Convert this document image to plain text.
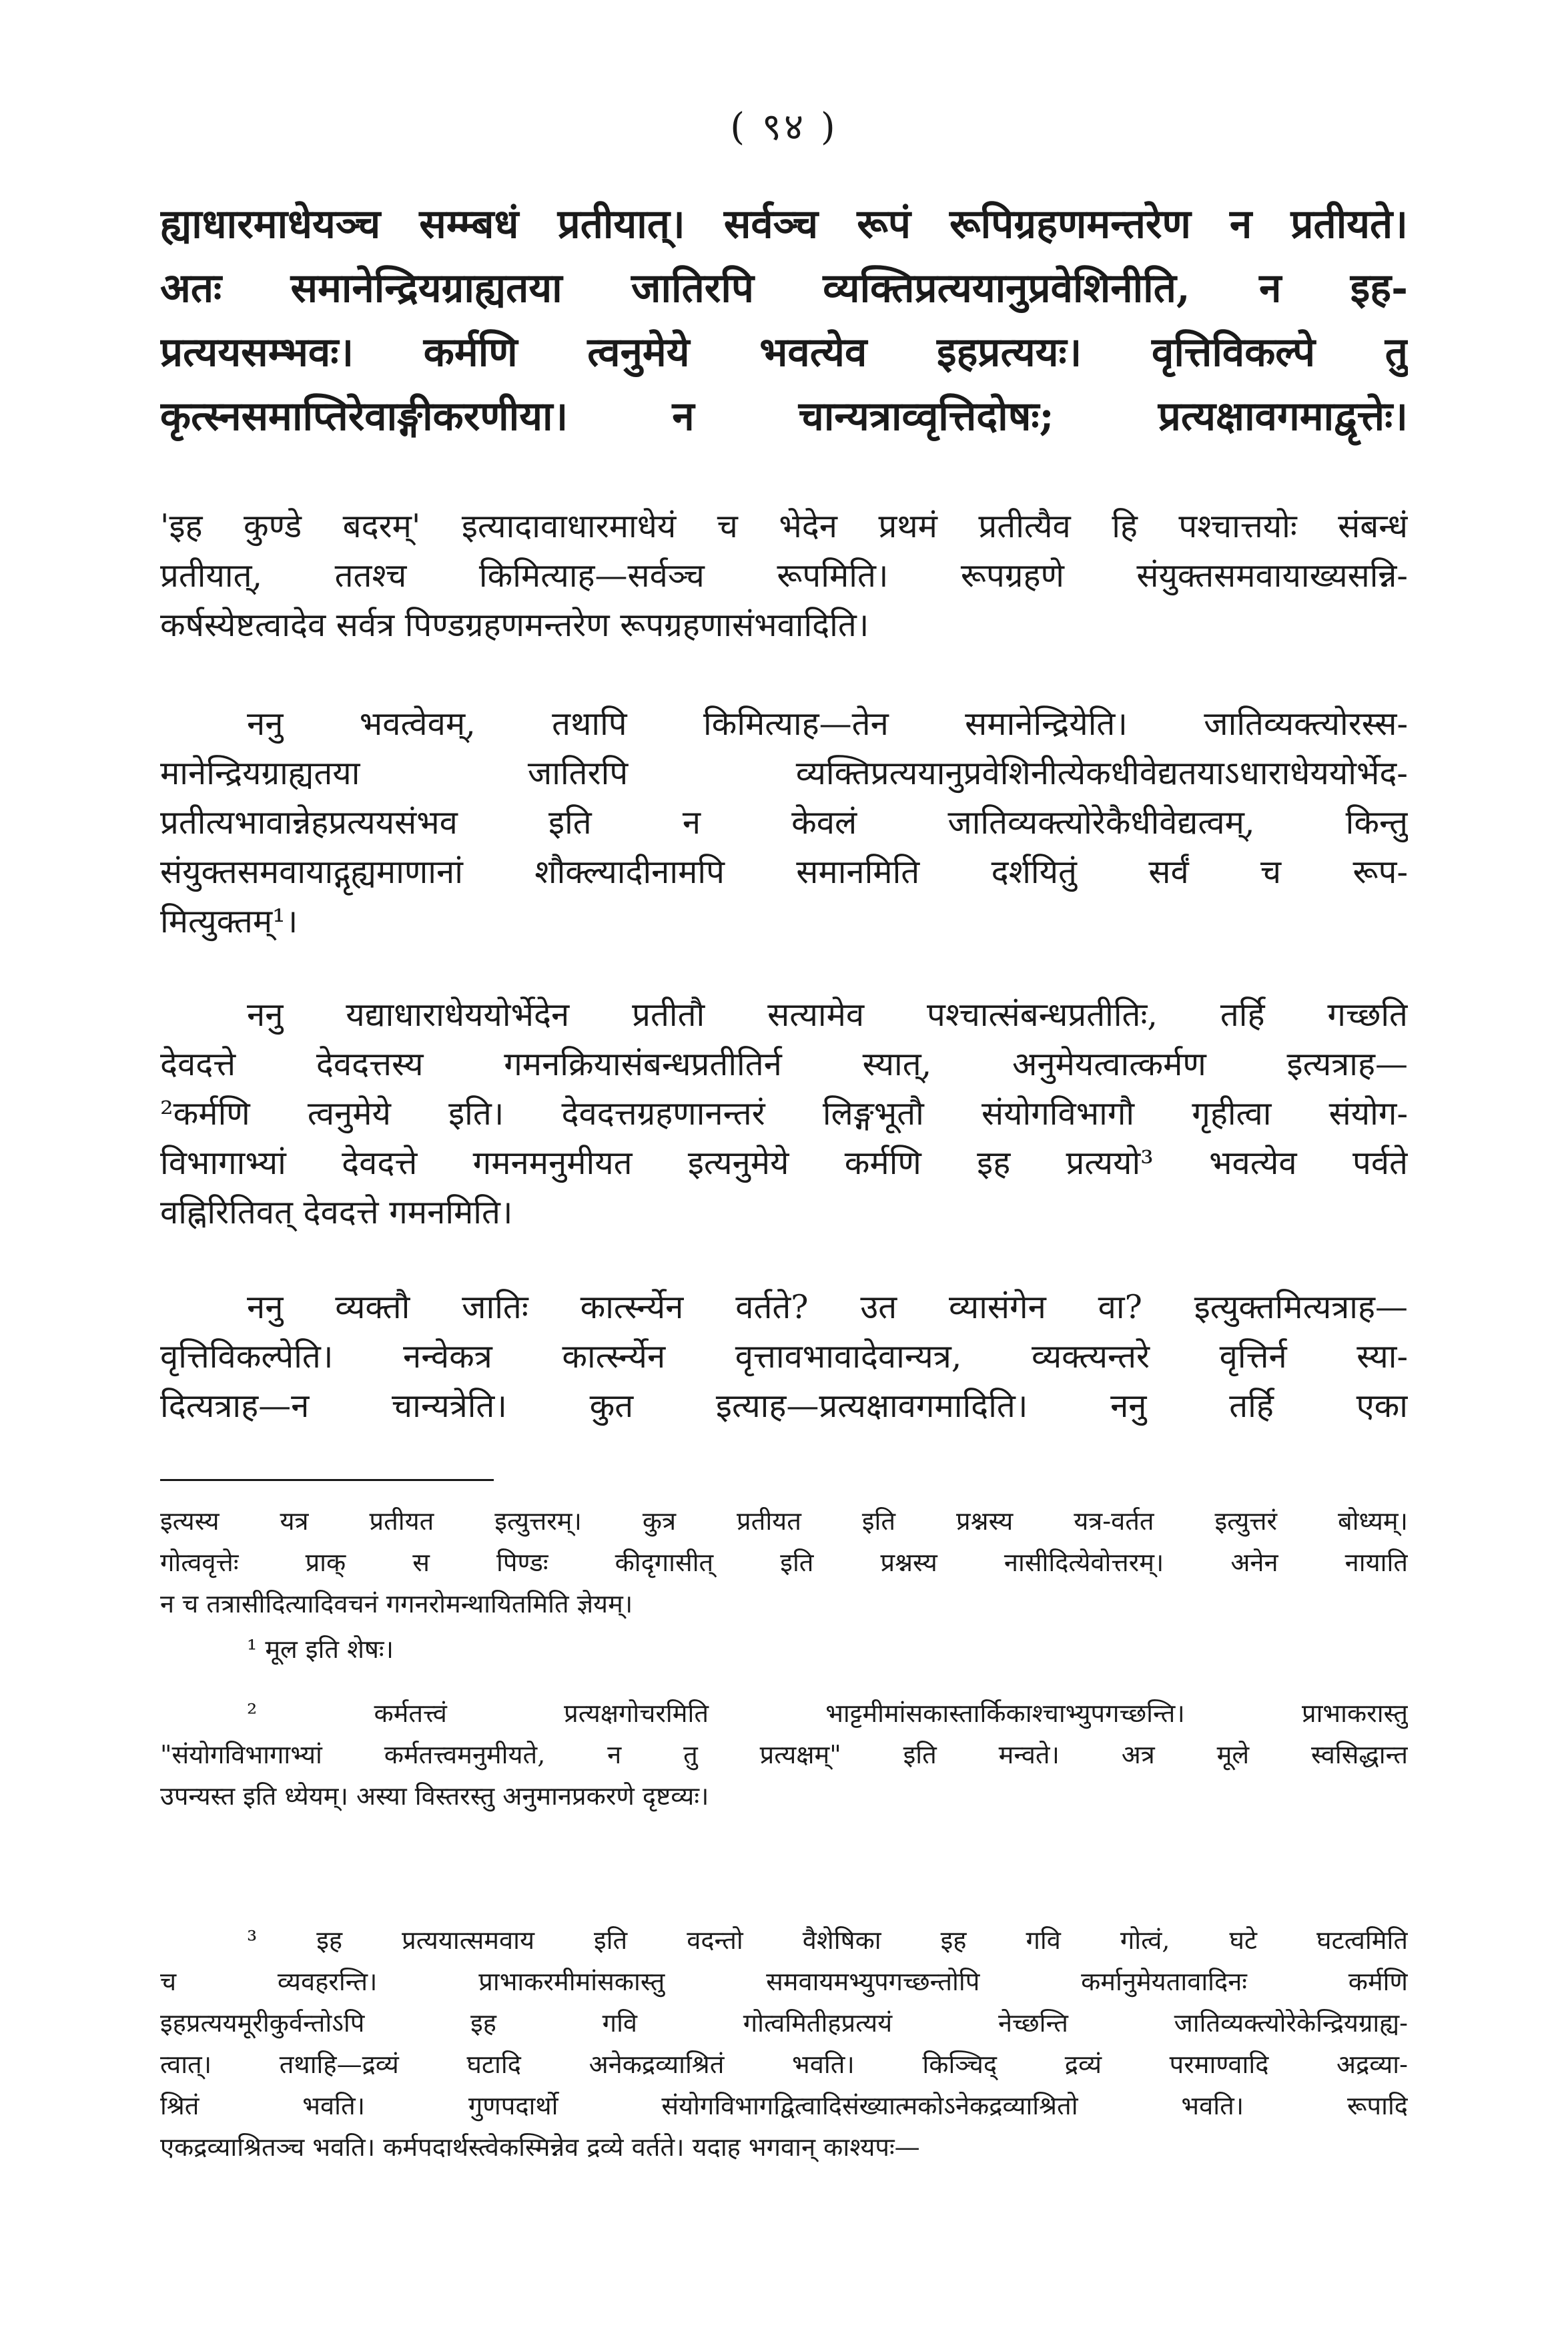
( ९४ )
ह्याधारमाधेयञ्च सम्म्बधं प्रतीयात्। सर्वञ्च रूपं रूपिग्रहणमन्तरेण न प्रतीयते।
अतः समानेन्द्रियग्राह्यतया जातिरपि व्यक्तिप्रत्ययानुप्रवेशिनीति, न इह-
प्रत्ययसम्भवः। कर्मणि त्वनुमेये भवत्येव इहप्रत्ययः। वृत्तिविकल्पे तु
कृत्स्नसमाप्तिरेवाङ्गीकरणीया। न चान्यत्राव्वृत्तिदोषः; प्रत्यक्षावगमाद्वृत्तेः।
'इह कुण्डे बदरम्' इत्यादावाधारमाधेयं च भेदेन प्रथमं प्रतीत्यैव हि पश्चात्तयोः संबन्धं
प्रतीयात्, ततश्च किमित्याह—सर्वञ्च रूपमिति। रूपग्रहणे संयुक्तसमवायाख्यसन्नि-
कर्षस्येष्टत्वादेव सर्वत्र पिण्डग्रहणमन्तरेण रूपग्रहणासंभवादिति।
ननु भवत्वेवम्, तथापि किमित्याह—तेन समानेन्द्रियेति। जातिव्यक्त्योरस्स-
मानेन्द्रियग्राह्यतया जातिरपि व्यक्तिप्रत्ययानुप्रवेशिनीत्येकधीवेद्यतयाऽधाराधेययोर्भेद-
प्रतीत्यभावान्नेहप्रत्ययसंभव इति न केवलं जातिव्यक्त्योरेकैधीवेद्यत्वम्, किन्तु
संयुक्तसमवायाद्गृह्यमाणानां शौक्ल्यादीनामपि समानमिति दर्शयितुं सर्वं च रूप-
मित्युक्तम्¹।
ननु यद्याधाराधेययोर्भेदेन प्रतीतौ सत्यामेव पश्चात्संबन्धप्रतीतिः, तर्हि गच्छति
देवदत्ते देवदत्तस्य गमनक्रियासंबन्धप्रतीतिर्न स्यात्, अनुमेयत्वात्कर्मण इत्यत्राह—
²कर्मणि त्वनुमेये इति। देवदत्तग्रहणानन्तरं लिङ्गभूतौ संयोगविभागौ गृहीत्वा संयोग-
विभागाभ्यां देवदत्ते गमनमनुमीयत इत्यनुमेये कर्मणि इह प्रत्ययो³ भवत्येव पर्वते
वह्निरितिवत् देवदत्ते गमनमिति।
ननु व्यक्तौ जातिः कार्त्स्न्येन वर्तते? उत व्यासंगेन वा? इत्युक्तमित्यत्राह—
वृत्तिविकल्पेति। नन्वेकत्र कार्त्स्न्येन वृत्तावभावादेवान्यत्र, व्यक्त्यन्तरे वृत्तिर्न स्या-
दित्यत्राह—न चान्यत्रेति। कुत इत्याह—प्रत्यक्षावगमादिति। ननु तर्हि एका
इत्यस्य यत्र प्रतीयत इत्युत्तरम्। कुत्र प्रतीयत इति प्रश्नस्य यत्र-वर्तत इत्युत्तरं बोध्यम्।
गोत्ववृत्तेः प्राक् स पिण्डः कीदृगासीत् इति प्रश्नस्य नासीदित्येवोत्तरम्। अनेन नायाति
न च तत्रासीदित्यादिवचनं गगनरोमन्थायितमिति ज्ञेयम्।
¹ मूल इति शेषः।
² कर्मतत्त्वं प्रत्यक्षगोचरमिति भाट्टमीमांसकास्तार्किकाश्चाभ्युपगच्छन्ति। प्राभाकरास्तु
"संयोगविभागाभ्यां कर्मतत्त्वमनुमीयते, न तु प्रत्यक्षम्" इति मन्वते। अत्र मूले स्वसिद्धान्त
उपन्यस्त इति ध्येयम्। अस्या विस्तरस्तु अनुमानप्रकरणे दृष्टव्यः।
³ इह प्रत्ययात्समवाय इति वदन्तो वैशेषिका इह गवि गोत्वं, घटे घटत्वमिति
च व्यवहरन्ति। प्राभाकरमीमांसकास्तु समवायमभ्युपगच्छन्तोपि कर्मानुमेयतावादिनः कर्मणि
इहप्रत्ययमूरीकुर्वन्तोऽपि इह गवि गोत्वमितीहप्रत्ययं नेच्छन्ति जातिव्यक्त्योरेकेन्द्रियग्राह्य-
त्वात्। तथाहि—द्रव्यं घटादि अनेकद्रव्याश्रितं भवति। किञ्चिद् द्रव्यं परमाण्वादि अद्रव्या-
श्रितं भवति। गुणपदार्थो संयोगविभागद्वित्वादिसंख्यात्मकोऽनेकद्रव्याश्रितो भवति। रूपादि
एकद्रव्याश्रितञ्च भवति। कर्मपदार्थस्त्वेकस्मिन्नेव द्रव्ये वर्तते। यदाह भगवान् काश्यपः—
